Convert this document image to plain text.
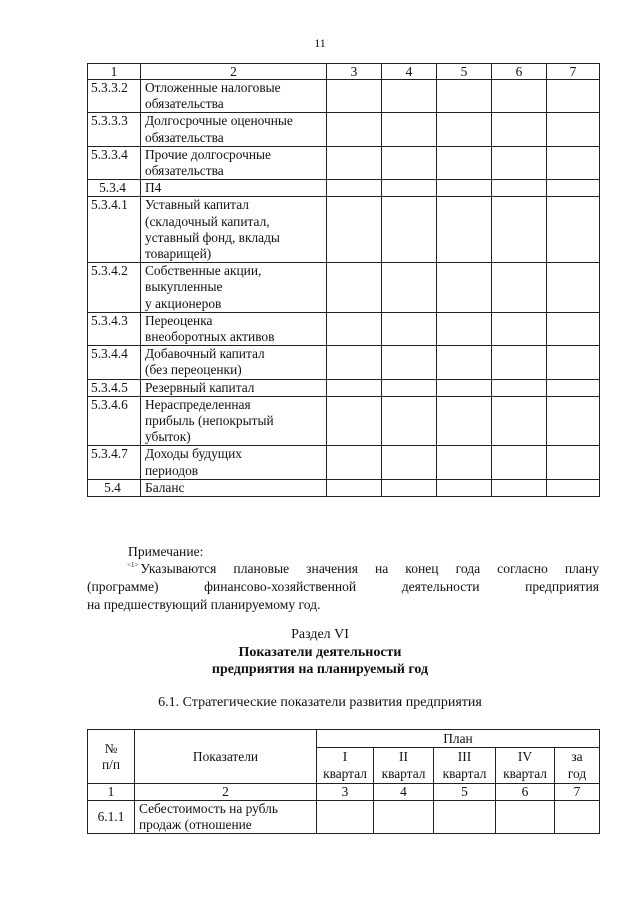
11
1	2	3	4	5	6	7
5.3.3.2	Отложенные налоговые
обязательства					

5.3.3.3	Долгосрочные оценочные
обязательства					

5.3.3.4	Прочие долгосрочные
обязательства					

5.3.4	П4					

5.3.4.1	Уставный капитал
(складочный капитал,
уставный фонд, вклады
товарищей)					

5.3.4.2	Собственные акции,
выкупленные
у акционеров					

5.3.4.3	Переоценка
внеоборотных активов					

5.3.4.4	Добавочный капитал
(без переоценки)					

5.3.4.5	Резервный капитал					

5.3.4.6	Нераспределенная
прибыль (непокрытый
убыток)					

5.3.4.7	Доходы будущих
периодов					

5.4	Баланс					

Примечание:
$^{<1>}$ Указываются плановые значения на конец года согласно плану
(программе) финансово-хозяйственной деятельности предприятия
на предшествующий планируемому год.
Раздел VI
Показатели деятельности
предприятия на планируемый год
6.1. Стратегические показатели развития предприятия
№
п/п	Показатели	План				
		I	II	III	IV	за
		квартал	квартал	квартал	квартал	год
1	2	3	4	5	6	7
6.1.1	Себестоимость на рубль
продаж (отношение					
